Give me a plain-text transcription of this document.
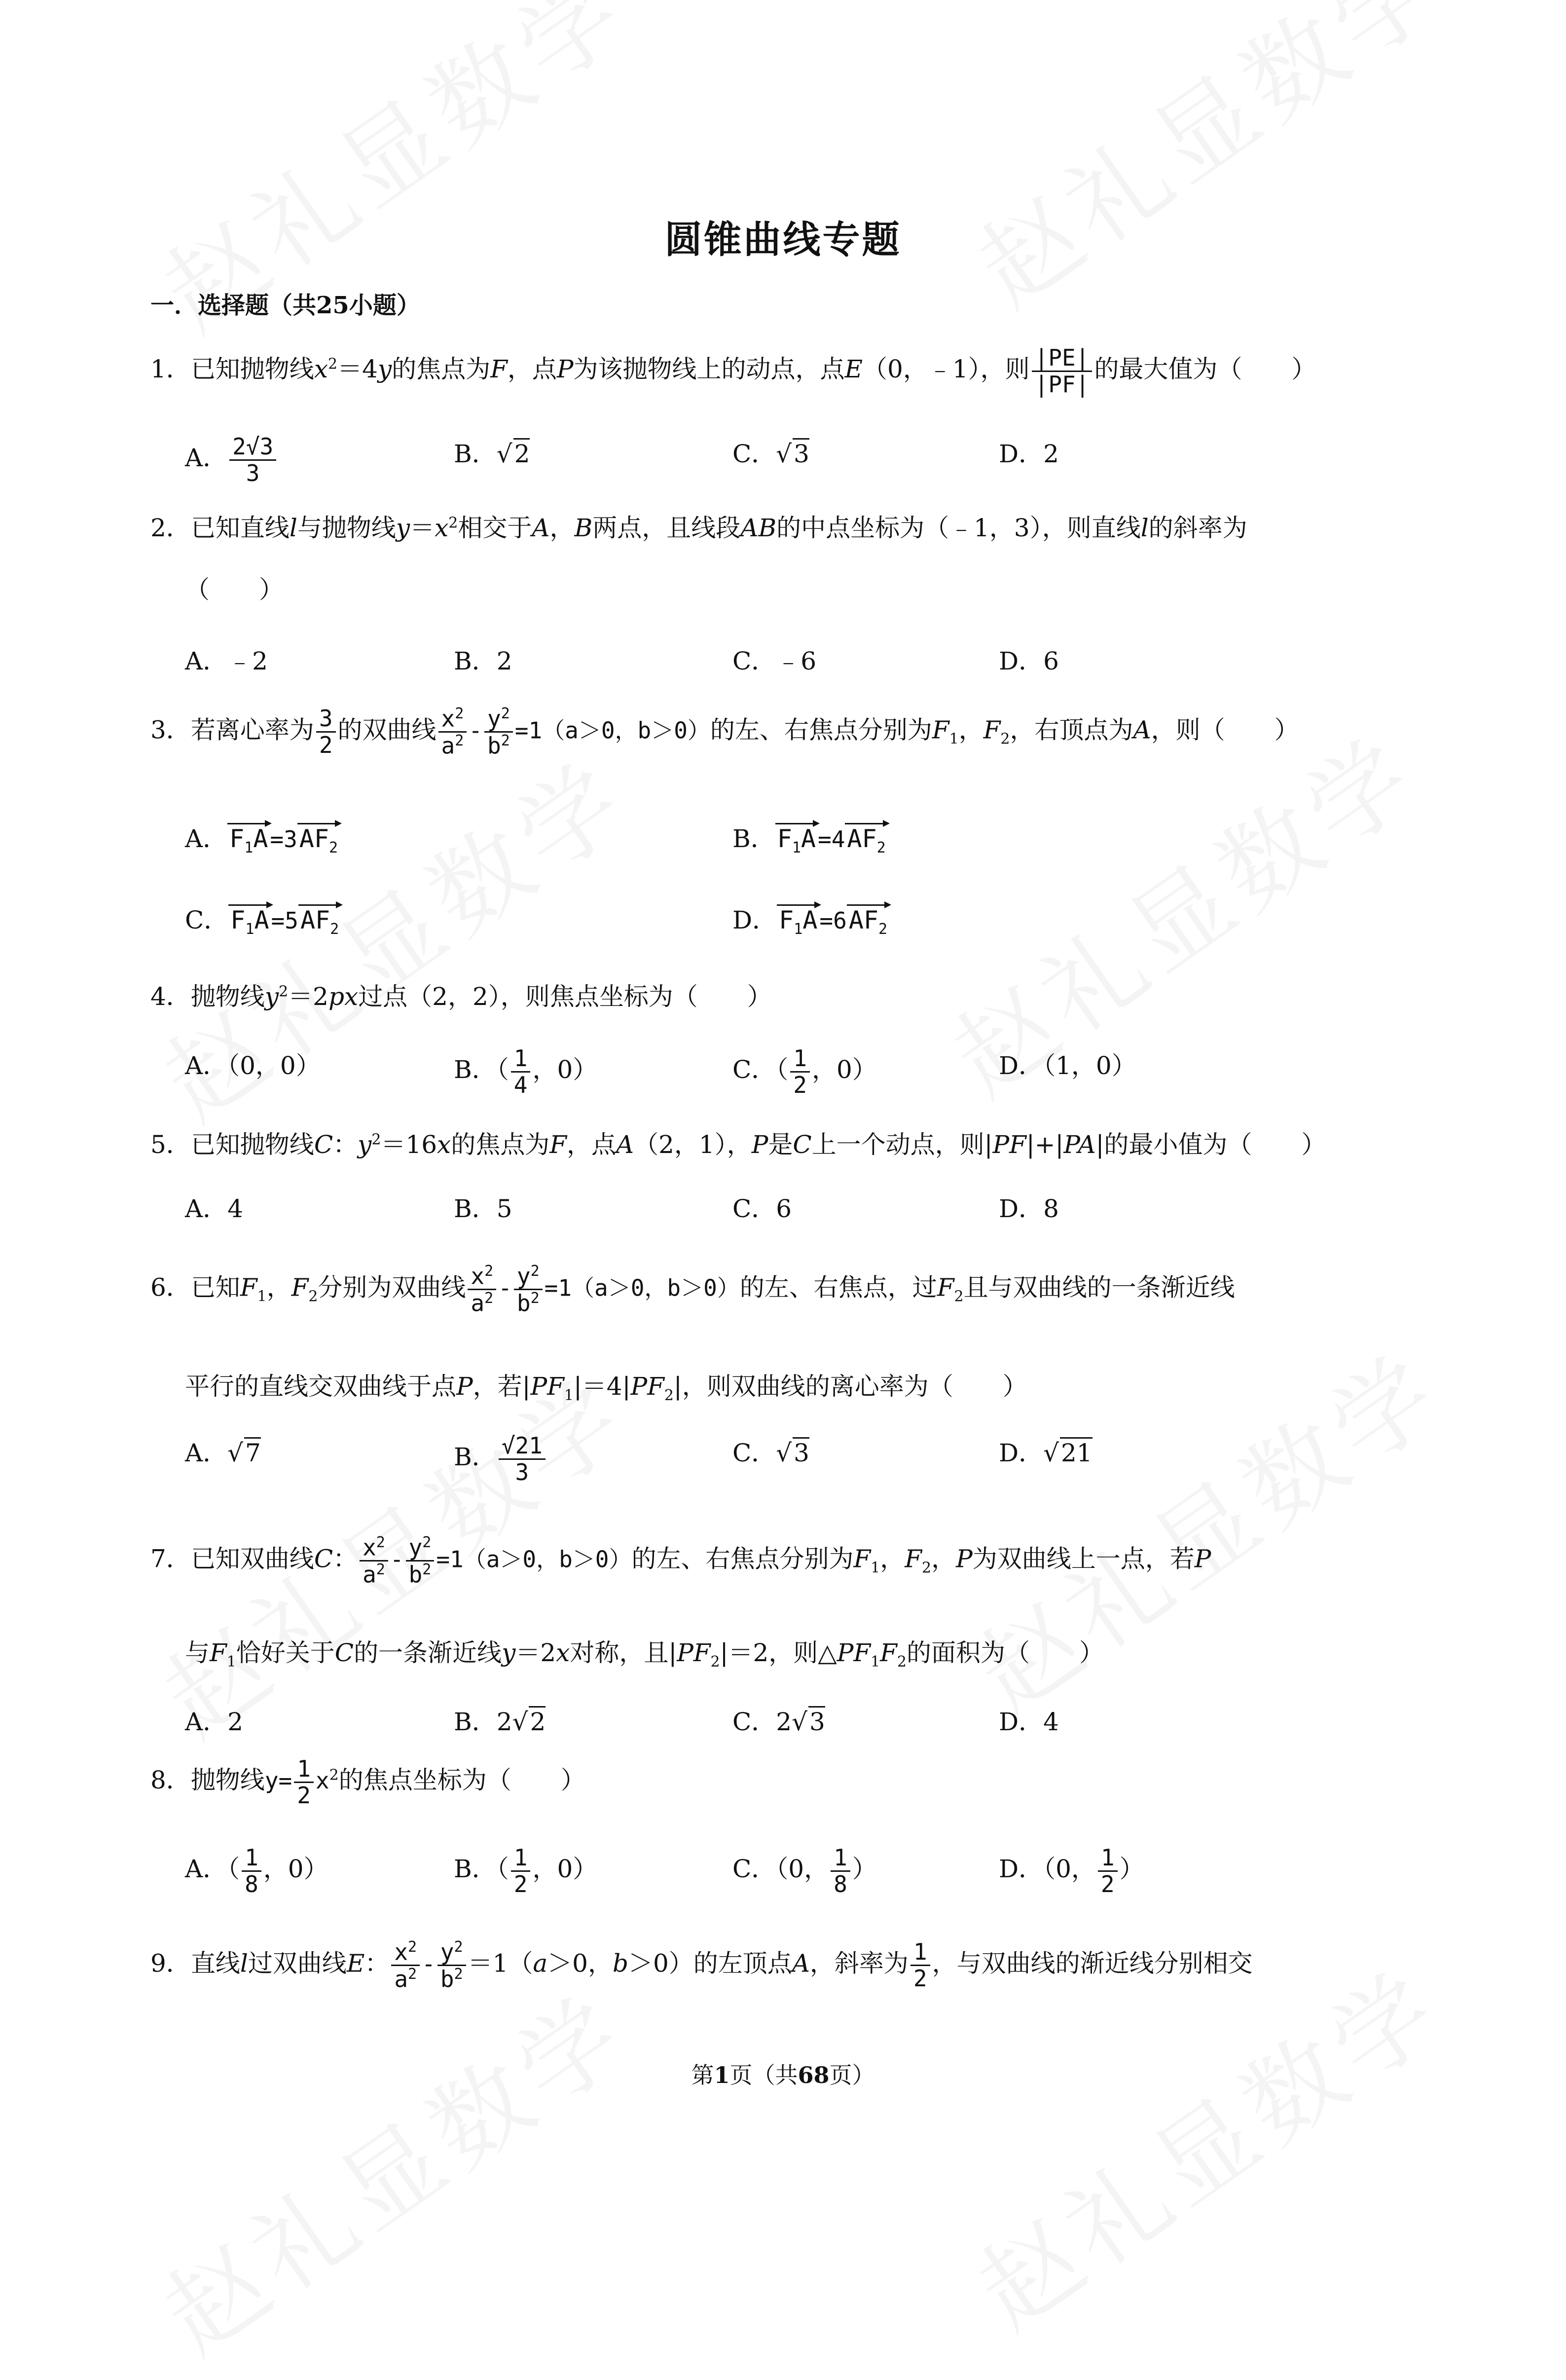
圆锥曲线专题
一．选择题（共25小题）
1．已知抛物线$x^2=4y$的焦点为F，点P为该抛物线上的动点，点E（0，﹣1），则 $\frac{|PE|}{|PF|}$ 的最大值为（　　）
A． $\frac{2√3}{3}$	B．√2	C．√3	D．2
2．已知直线l与抛物线$y=x^2$相交于A，B两点，且线段AB的中点坐标为（﹣1，3），则直线l的斜率为
（　　）
A．﹣2	B．2	C．﹣6	D．6
3．若离心率为 $\frac{3}{2}$ 的双曲线 $\frac{x^2}{a^2} - \frac{y^2}{b^2} =1(a>0$，b＞0）的左、右焦点分别为$F_1$，$F_2$，右顶点为A，则（　　）
A．$F_1A=3AF_2$	B．$F_1A=4AF_2$
C．$F_1A=5AF_2$	D．$F_1A=6AF_2$
4．抛物线$y^2=2px$过点（2，2），则焦点坐标为（　　）
A．（0，0）	B．（ $\frac{1}{4}$ ，0）	C．（ $\frac{1}{2}$ ，0）	D．（1，0）
5．已知抛物线C：$y^2=16x$的焦点为F，点A（2，1），P是C上一个动点，则|PF|+|PA|的最小值为（　　）
A．4	B．5	C．6	D．8
6．已知$F_1$，$F_2$分别为双曲线 $\frac{x^2}{a^2} - \frac{y^2}{b^2} =1(a>0$，b＞0）的左、右焦点，过$F_2$且与双曲线的一条渐近线
平行的直线交双曲线于点P，若$|PF_1|=4|PF_2|$，则双曲线的离心率为（　　）
A．√7	B． $\frac{√21}{3}$	C．√3	D．√21
7．已知双曲线C： $\frac{x^2}{a^2} - \frac{y^2}{b^2} =1(a>0$，b＞0）的左、右焦点分别为$F_1$，$F_2$，P为双曲线上一点，若P
与$F_1$恰好关于C的一条渐近线y＝2x对称，且$|PF_2|=2$，则$\triangle PF_1F_2$的面积为（　　）
A．2	B．2√2	C．2√3	D．4
8．抛物线$y= \frac{1}{2} x^2$的焦点坐标为（　　）
A．（ $\frac{1}{8}$ ，0）	B．（ $\frac{1}{2}$ ，0）	C．（0， $\frac{1}{8}$ ）	D．（0， $\frac{1}{2}$ ）
9．直线l过双曲线E： $\frac{x^2}{a^2} - \frac{y^2}{b^2} =1(a>0$，b＞0）的左顶点A，斜率为 $\frac{1}{2}$ ，与双曲线的渐近线分别相交
第1页（共68页）
